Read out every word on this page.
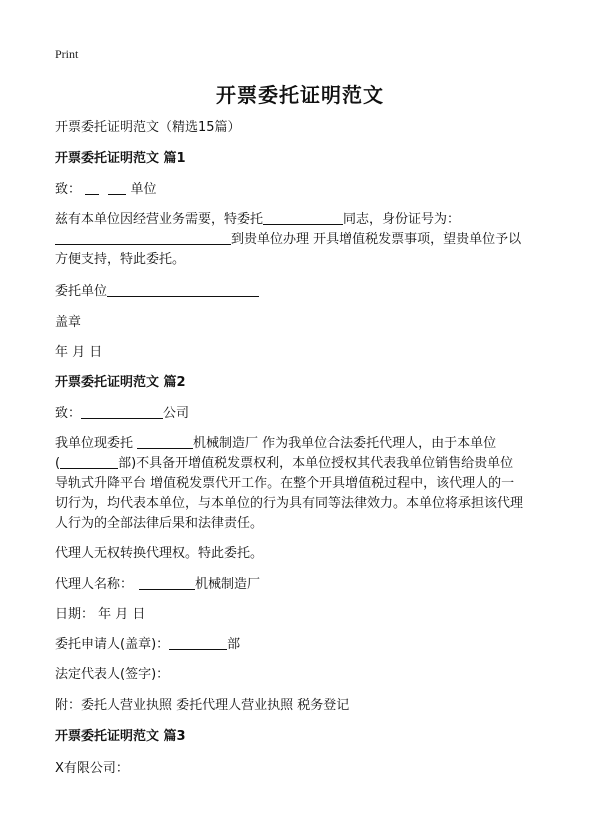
Print
开票委托证明范文
开票委托证明范文（精选15篇）
开票委托证明范文 篇1
致：	单位
兹有本单位因经营业务需要，特委托	同志，身份证号为：
到贵单位办理 开具增值税发票事项，望贵单位予以
方便支持，特此委托。
委托单位
盖章
年 月 日
开票委托证明范文 篇2
致：	公司
我单位现委托	机械制造厂 作为我单位合法委托代理人，由于本单位
(	部)不具备开增值税发票权利，本单位授权其代表我单位销售给贵单位
导轨式升降平台 增值税发票代开工作。在整个开具增值税过程中，该代理人的一
切行为，均代表本单位，与本单位的行为具有同等法律效力。本单位将承担该代理
人行为的全部法律后果和法律责任。
代理人无权转换代理权。特此委托。
代理人名称：	机械制造厂
日期： 年 月 日
委托申请人(盖章)：	部
法定代表人(签字)：
附：委托人营业执照 委托代理人营业执照 税务登记
开票委托证明范文 篇3
X有限公司：
